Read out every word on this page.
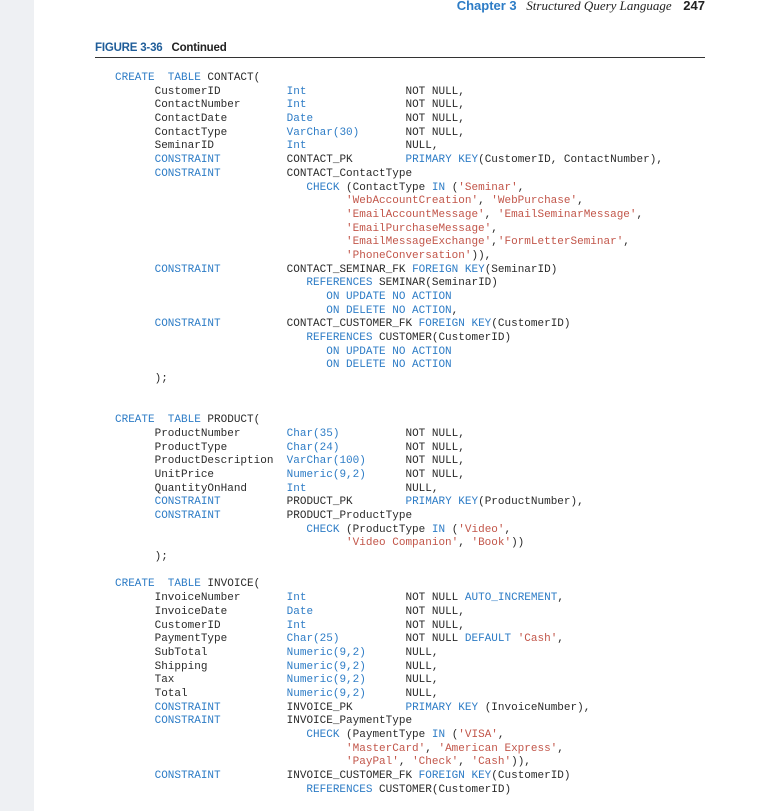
Chapter 3 Structured Query Language 247
FIGURE 3-36 Continued
CREATE  TABLE CONTACT(
CustomerID          Int               NOT NULL,
ContactNumber       Int               NOT NULL,
ContactDate         Date              NOT NULL,
ContactType         VarChar(30)       NOT NULL,
SeminarID           Int               NULL,
CONSTRAINT          CONTACT_PK        PRIMARY KEY(CustomerID, ContactNumber),
CONSTRAINT          CONTACT_ContactType
CHECK (ContactType IN ('Seminar',
'WebAccountCreation', 'WebPurchase',
'EmailAccountMessage', 'EmailSeminarMessage',
'EmailPurchaseMessage',
'EmailMessageExchange','FormLetterSeminar',
'PhoneConversation')),
CONSTRAINT          CONTACT_SEMINAR_FK FOREIGN KEY(SeminarID)
REFERENCES SEMINAR(SeminarID)
ON UPDATE NO ACTION
ON DELETE NO ACTION,
CONSTRAINT          CONTACT_CUSTOMER_FK FOREIGN KEY(CustomerID)
REFERENCES CUSTOMER(CustomerID)
ON UPDATE NO ACTION
ON DELETE NO ACTION
);
CREATE  TABLE PRODUCT(
ProductNumber       Char(35)          NOT NULL,
ProductType         Char(24)          NOT NULL,
ProductDescription  VarChar(100)      NOT NULL,
UnitPrice           Numeric(9,2)      NOT NULL,
QuantityOnHand      Int               NULL,
CONSTRAINT          PRODUCT_PK        PRIMARY KEY(ProductNumber),
CONSTRAINT          PRODUCT_ProductType
CHECK (ProductType IN ('Video',
'Video Companion', 'Book'))
);
CREATE  TABLE INVOICE(
InvoiceNumber       Int               NOT NULL AUTO_INCREMENT,
InvoiceDate         Date              NOT NULL,
CustomerID          Int               NOT NULL,
PaymentType         Char(25)          NOT NULL DEFAULT 'Cash',
SubTotal            Numeric(9,2)      NULL,
Shipping            Numeric(9,2)      NULL,
Tax                 Numeric(9,2)      NULL,
Total               Numeric(9,2)      NULL,
CONSTRAINT          INVOICE_PK        PRIMARY KEY (InvoiceNumber),
CONSTRAINT          INVOICE_PaymentType
CHECK (PaymentType IN ('VISA',
'MasterCard', 'American Express',
'PayPal', 'Check', 'Cash')),
CONSTRAINT          INVOICE_CUSTOMER_FK FOREIGN KEY(CustomerID)
REFERENCES CUSTOMER(CustomerID)
